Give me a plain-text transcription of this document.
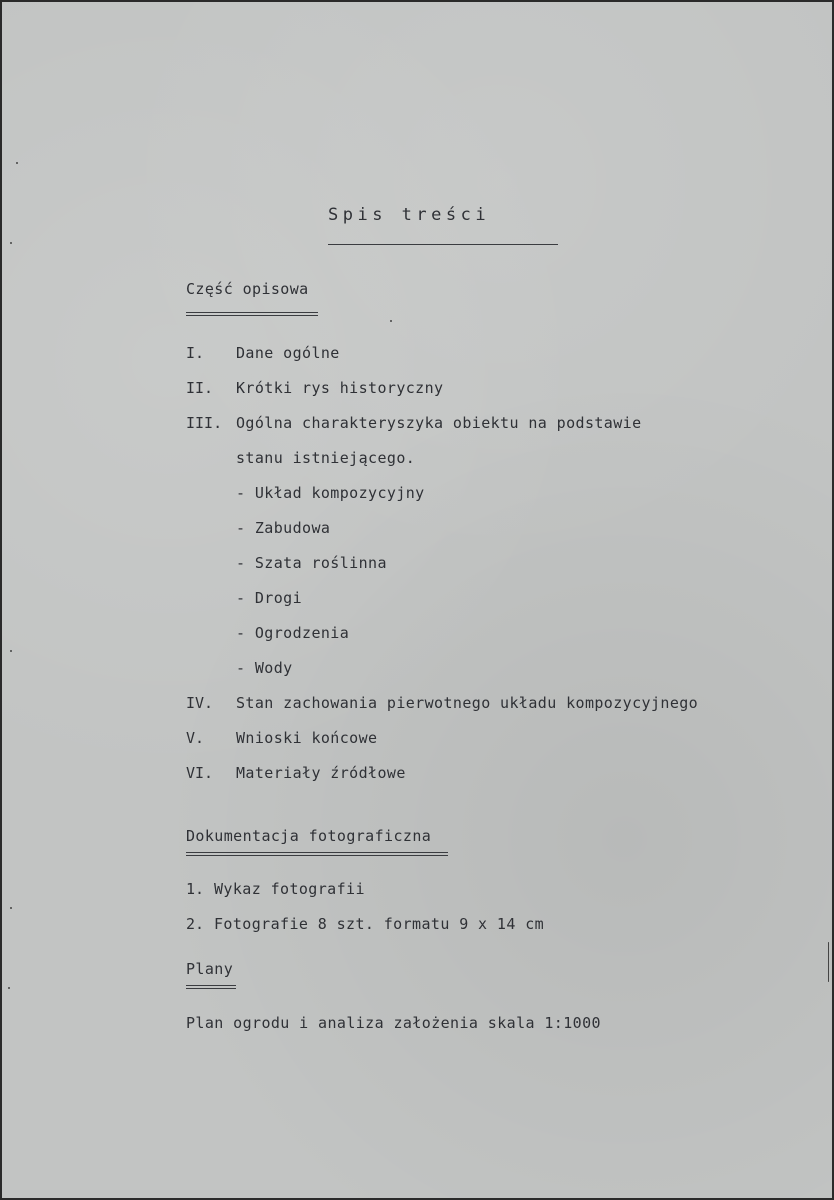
Spis treści
Część opisowa
I. Dane ogólne
II. Krótki rys historyczny
III. Ogólna charakteryszyka obiektu na podstawie
stanu istniejącego.
- Układ kompozycyjny
- Zabudowa
- Szata roślinna
- Drogi
- Ogrodzenia
- Wody
IV. Stan zachowania pierwotnego układu kompozycyjnego
V. Wnioski końcowe
VI. Materiały źródłowe
Dokumentacja fotograficzna
1. Wykaz fotografii
2. Fotografie 8 szt. formatu 9 x 14 cm
Plany
Plan ogrodu i analiza założenia skala 1:1000
